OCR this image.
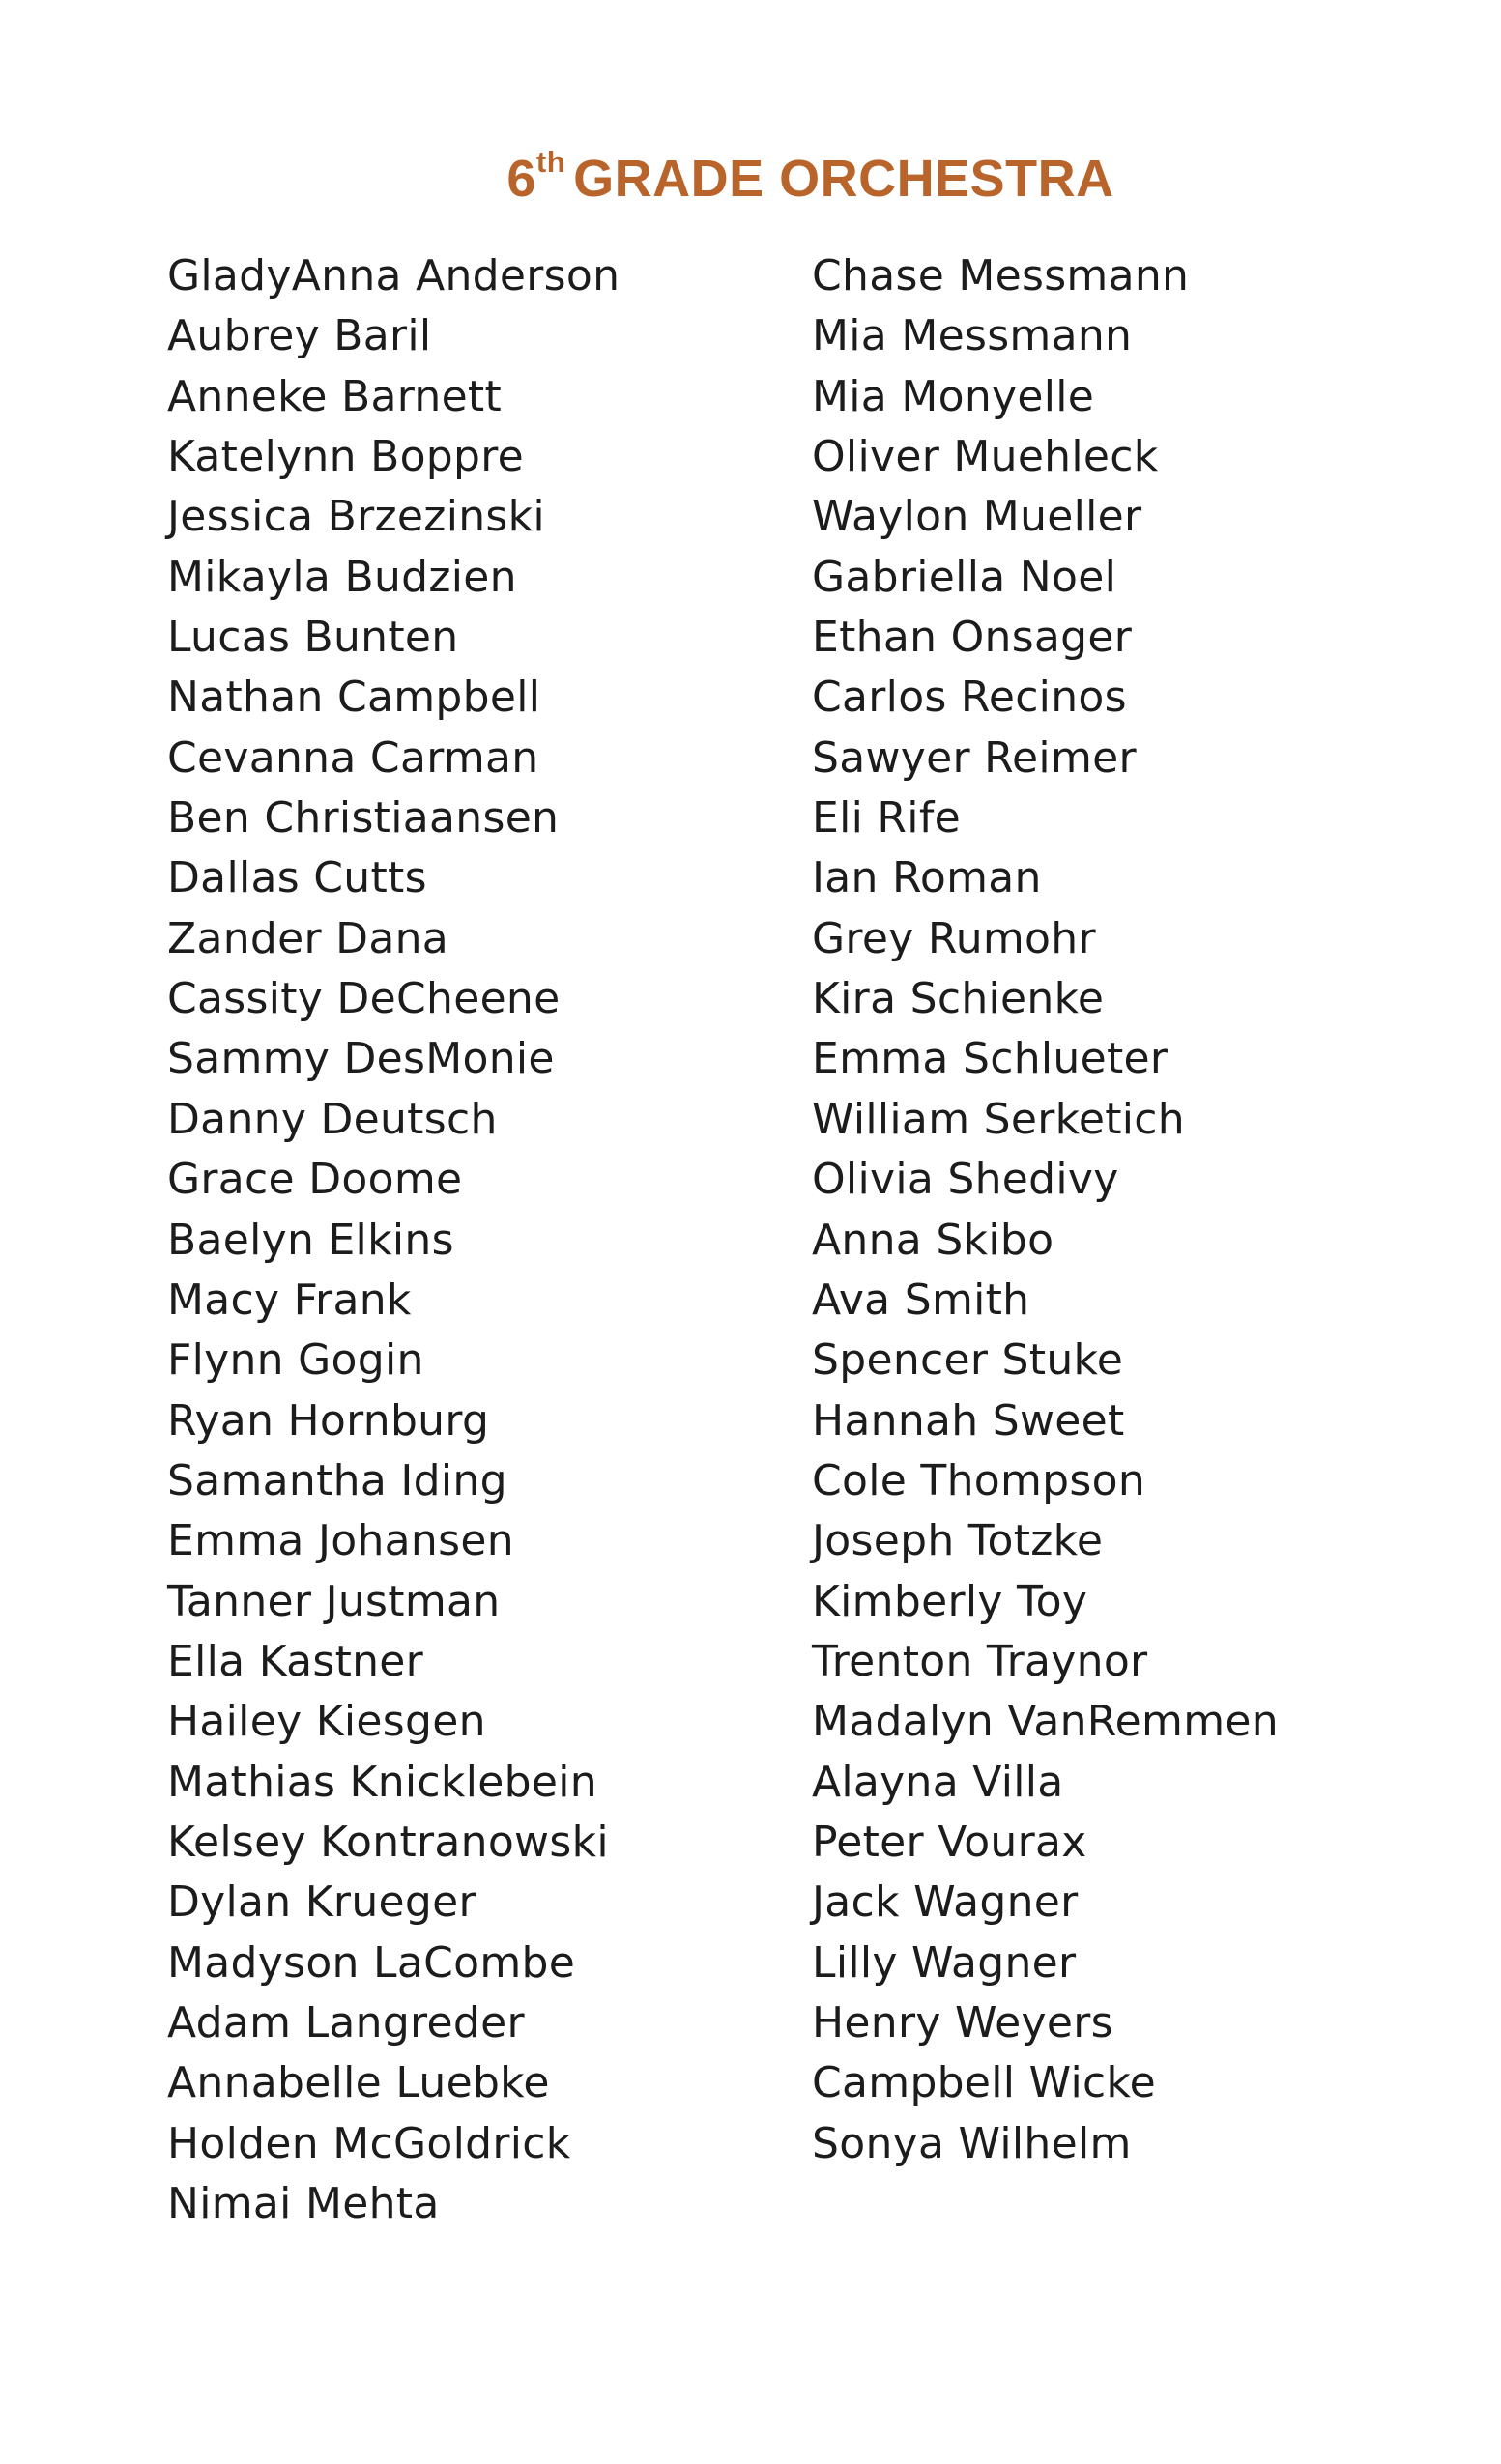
6th GRADE ORCHESTRA
GladyAnna Anderson
Aubrey Baril
Anneke Barnett
Katelynn Boppre
Jessica Brzezinski
Mikayla Budzien
Lucas Bunten
Nathan Campbell
Cevanna Carman
Ben Christiaansen
Dallas Cutts
Zander Dana
Cassity DeCheene
Sammy DesMonie
Danny Deutsch
Grace Doome
Baelyn Elkins
Macy Frank
Flynn Gogin
Ryan Hornburg
Samantha Iding
Emma Johansen
Tanner Justman
Ella Kastner
Hailey Kiesgen
Mathias Knicklebein
Kelsey Kontranowski
Dylan Krueger
Madyson LaCombe
Adam Langreder
Annabelle Luebke
Holden McGoldrick
Nimai Mehta
Chase Messmann
Mia Messmann
Mia Monyelle
Oliver Muehleck
Waylon Mueller
Gabriella Noel
Ethan Onsager
Carlos Recinos
Sawyer Reimer
Eli Rife
Ian Roman
Grey Rumohr
Kira Schienke
Emma Schlueter
William Serketich
Olivia Shedivy
Anna Skibo
Ava Smith
Spencer Stuke
Hannah Sweet
Cole Thompson
Joseph Totzke
Kimberly Toy
Trenton Traynor
Madalyn VanRemmen
Alayna Villa
Peter Vourax
Jack Wagner
Lilly Wagner
Henry Weyers
Campbell Wicke
Sonya Wilhelm
